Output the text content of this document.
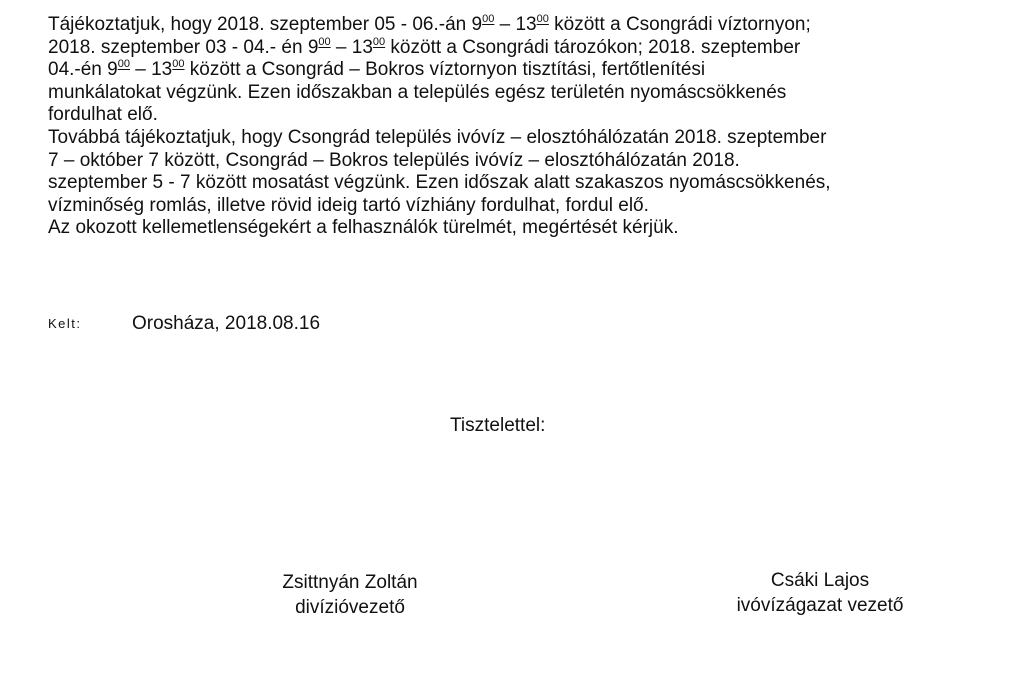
Tájékoztatjuk, hogy 2018. szeptember 05 - 06.-án $9^{00} - 13^{00}$ között a Csongrádi víztornyon;
2018. szeptember 03 - 04.- én $9^{00} - 13^{00}$ között a Csongrádi tározókon; 2018. szeptember
04.-én $9^{00} - 13^{00}$ között a Csongrád – Bokros víztornyon tisztítási, fertőtlenítési
munkálatokat végzünk. Ezen időszakban a település egész területén nyomáscsökkenés
fordulhat elő.
Továbbá tájékoztatjuk, hogy Csongrád település ivóvíz – elosztóhálózatán 2018. szeptember
7 – október 7 között, Csongrád – Bokros település ivóvíz – elosztóhálózatán 2018.
szeptember 5 - 7 között mosatást végzünk. Ezen időszak alatt szakaszos nyomáscsökkenés,
vízminőség romlás, illetve rövid ideig tartó vízhiány fordulhat, fordul elő.
Az okozott kellemetlenségekért a felhasználók türelmét, megértését kérjük.
Kelt:	Orosháza, 2018.08.16
Tisztelettel:
Zsittnyán Zoltán
divízióvezető
Csáki Lajos
ivóvízágazat vezető
